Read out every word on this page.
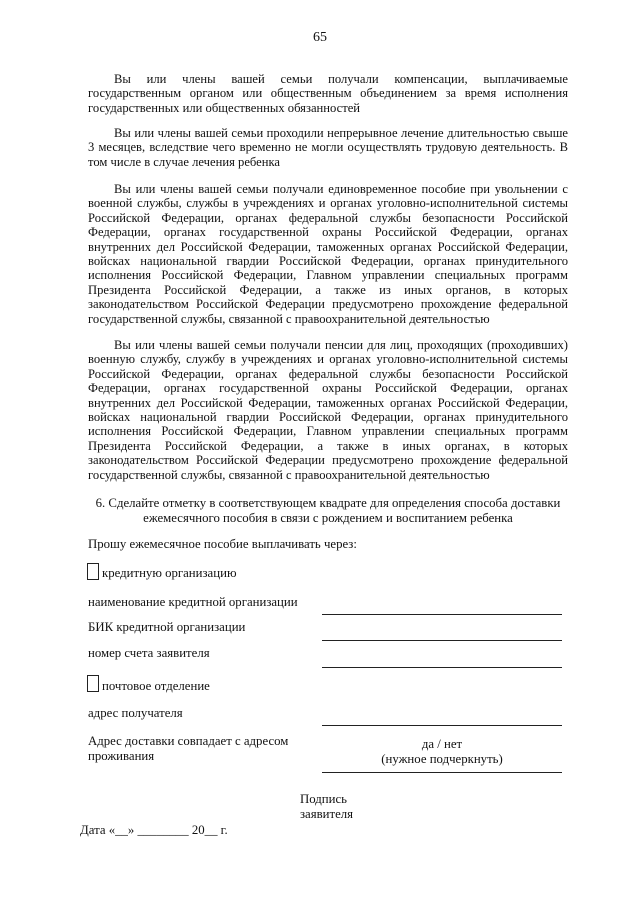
65

Вы или члены вашей семьи получали компенсации, выплачиваемые государственным органом или общественным объединением за время исполнения государственных или общественных обязанностей

Вы или члены вашей семьи проходили непрерывное лечение длительностью свыше 3 месяцев, вследствие чего временно не могли осуществлять трудовую деятельность. В том числе в случае лечения ребенка

Вы или члены вашей семьи получали единовременное пособие при увольнении с военной службы, службы в учреждениях и органах уголовно-исполнительной системы Российской Федерации, органах федеральной службы безопасности Российской Федерации, органах государственной охраны Российской Федерации, органах внутренних дел Российской Федерации, таможенных органах Российской Федерации, войсках национальной гвардии Российской Федерации, органах принудительного исполнения Российской Федерации, Главном управлении специальных программ Президента Российской Федерации, а также из иных органов, в которых законодательством Российской Федерации предусмотрено прохождение федеральной государственной службы, связанной с правоохранительной деятельностью

Вы или члены вашей семьи получали пенсии для лиц, проходящих (проходивших) военную службу, службу в учреждениях и органах уголовно-исполнительной системы Российской Федерации, органах федеральной службы безопасности Российской Федерации, органах государственной охраны Российской Федерации, органах внутренних дел Российской Федерации, таможенных органах Российской Федерации, войсках национальной гвардии Российской Федерации, органах принудительного исполнения Российской Федерации, Главном управлении специальных программ Президента Российской Федерации, а также в иных органах, в которых законодательством Российской Федерации предусмотрено прохождение федеральной государственной службы, связанной с правоохранительной деятельностью

6. Сделайте отметку в соответствующем квадрате для определения способа доставки ежемесячного пособия в связи с рождением и воспитанием ребенка

Прошу ежемесячное пособие выплачивать через:
кредитную организацию
наименование кредитной организации
БИК кредитной организации
номер счета заявителя
почтовое отделение
адрес получателя
Адрес доставки совпадает с адресом
проживания
да / нет
(нужное подчеркнуть)
Дата «__» ________ 20__ г.
Подпись
заявителя
